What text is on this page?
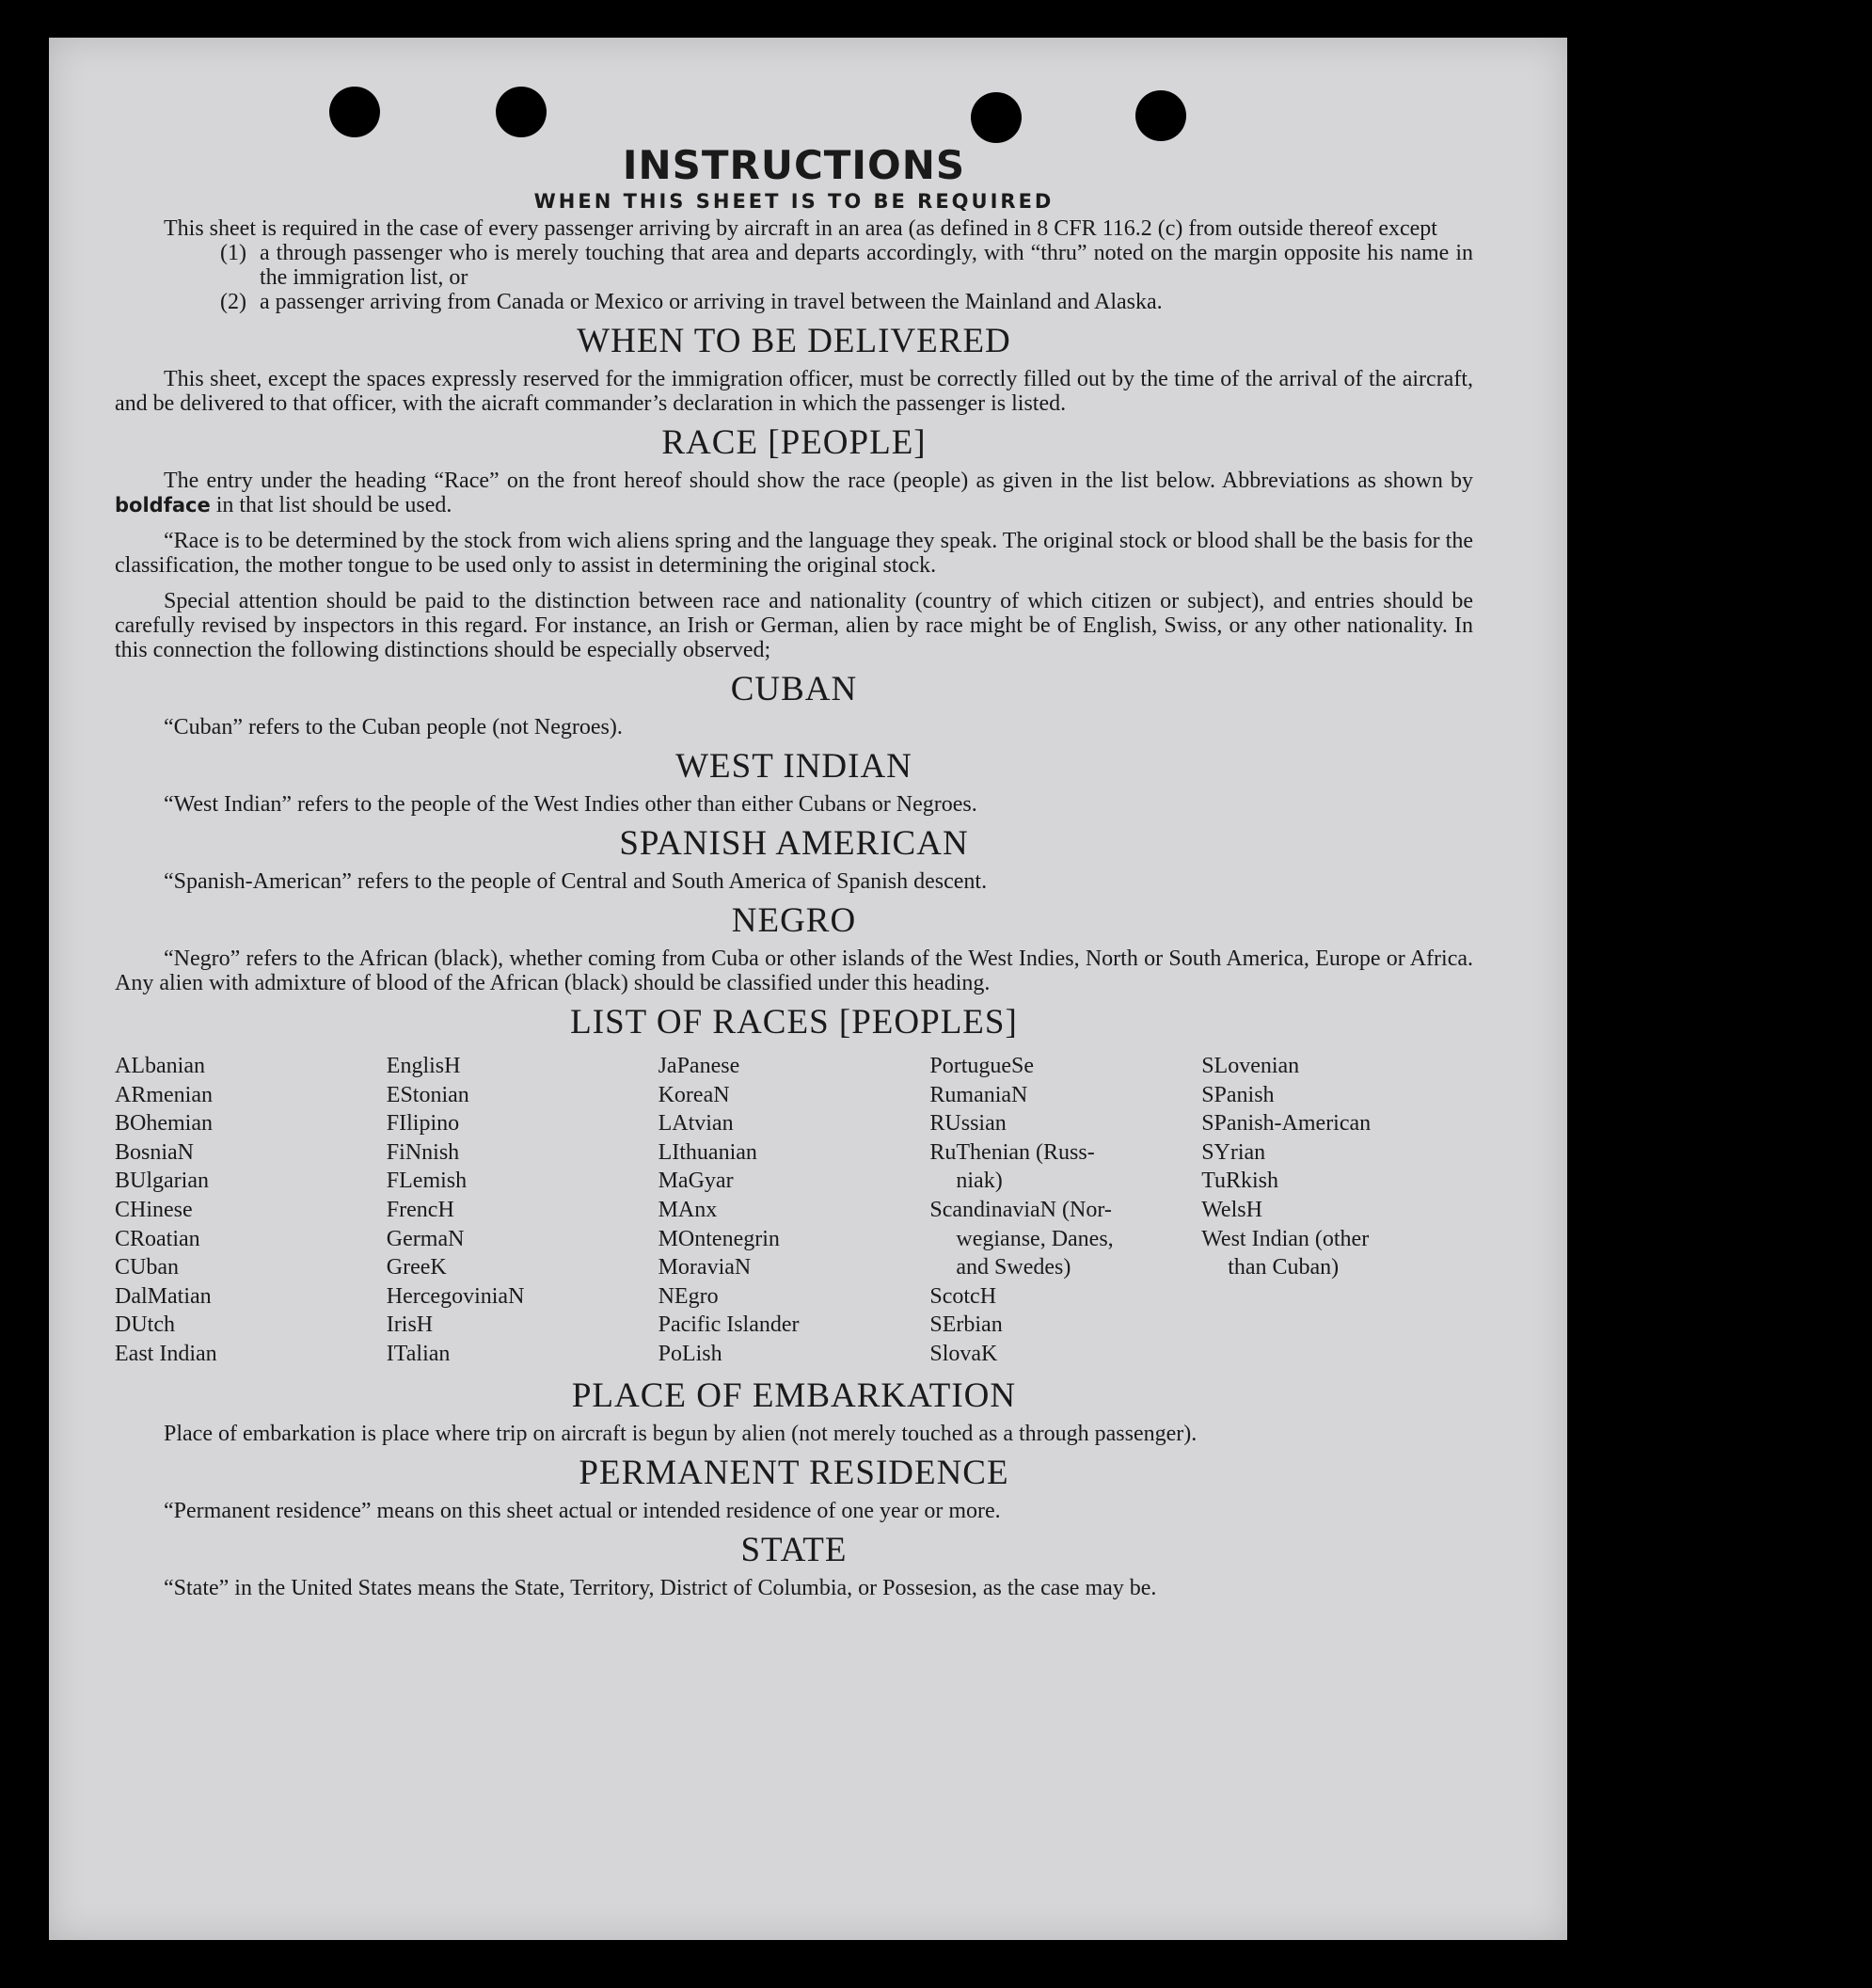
INSTRUCTIONS
WHEN THIS SHEET IS TO BE REQUIRED

This sheet is required in the case of every passenger arriving by aircraft in an area (as defined in 8 CFR 116.2 (c) from outside thereof except

(1) a through passenger who is merely touching that area and departs accordingly, with “thru” noted on the margin opposite his name in the immigration list, or
(2) a passenger arriving from Canada or Mexico or arriving in travel between the Mainland and Alaska.
WHEN TO BE DELIVERED

This sheet, except the spaces expressly reserved for the immigration officer, must be correctly filled out by the time of the arrival of the aircraft, and be delivered to that officer, with the aicraft commander’s declaration in which the passenger is listed.

RACE [PEOPLE]

The entry under the heading “Race” on the front hereof should show the race (people) as given in the list below. Abbreviations as shown by boldface in that list should be used.

“Race is to be determined by the stock from wich aliens spring and the language they speak. The original stock or blood shall be the basis for the classification, the mother tongue to be used only to assist in determining the original stock.

Special attention should be paid to the distinction between race and nationality (country of which citizen or subject), and entries should be carefully revised by inspectors in this regard. For instance, an Irish or German, alien by race might be of English, Swiss, or any other nationality. In this connection the following distinctions should be especially observed;

CUBAN

“Cuban” refers to the Cuban people (not Negroes).

WEST INDIAN

“West Indian” refers to the people of the West Indies other than either Cubans or Negroes.

SPANISH AMERICAN

“Spanish-American” refers to the people of Central and South America of Spanish descent.

NEGRO

“Negro” refers to the African (black), whether coming from Cuba or other islands of the West Indies, North or South America, Europe or Africa. Any alien with admixture of blood of the African (black) should be classified under this heading.

LIST OF RACES [PEOPLES]
ALbanian
ARmenian
BOhemian
BosniaN
BUlgarian
CHinese
CRoatian
CUban
DalMatian
DUtch
East Indian
EnglisH
EStonian
FIlipino
FiNnish
FLemish
FrencH
GermaN
GreeK
HercegoviniaN
IrisH
ITalian
JaPanese
KoreaN
LAtvian
LIthuanian
MaGyar
MAnx
MOntenegrin
MoraviaN
NEgro
Pacific Islander
PoLish
PortugueSe
RumaniaN
RUssian
RuThenian (Russ-
niak)
ScandinaviaN (Nor-
wegianse, Danes,
and Swedes)
ScotcH
SErbian
SlovaK
SLovenian
SPanish
SPanish-American
SYrian
TuRkish
WelsH
West Indian (other
than Cuban)
PLACE OF EMBARKATION

Place of embarkation is place where trip on aircraft is begun by alien (not merely touched as a through passenger).

PERMANENT RESIDENCE

“Permanent residence” means on this sheet actual or intended residence of one year or more.

STATE

“State” in the United States means the State, Territory, District of Columbia, or Possesion, as the case may be.
